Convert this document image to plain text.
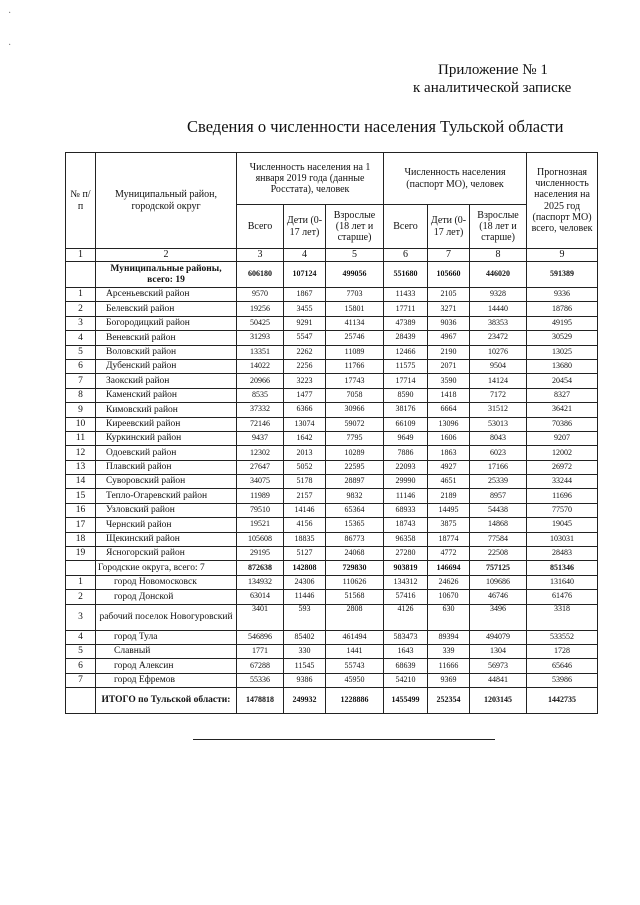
·
·
Приложение № 1
к аналитической записке
Сведения о численности населения Тульской области
№ п/п	Муниципальный район, городской округ	Численность населения на 1 января 2019 года (данные Росстата), человек			Численность населения (паспорт МО), человек			Прогнозная численность населения на 2025 год (паспорт МО) всего, человек
		Всего	Дети (0-17 лет)	Взрослые (18 лет и старше)	Всего	Дети (0-17 лет)	Взрослые (18 лет и старше)	
1	2	3	4	5	6	7	8	9
	Муниципальные районы, всего: 19	606180	107124	499056	551680	105660	446020	591389
1	Арсеньевский район	9570	1867	7703	11433	2105	9328	9336
2	Белевский район	19256	3455	15801	17711	3271	14440	18786
3	Богородицкий район	50425	9291	41134	47389	9036	38353	49195
4	Веневский район	31293	5547	25746	28439	4967	23472	30529
5	Воловский район	13351	2262	11089	12466	2190	10276	13025
6	Дубенский район	14022	2256	11766	11575	2071	9504	13680
7	Заокский район	20966	3223	17743	17714	3590	14124	20454
8	Каменский район	8535	1477	7058	8590	1418	7172	8327
9	Кимовский район	37332	6366	30966	38176	6664	31512	36421
10	Киреевский район	72146	13074	59072	66109	13096	53013	70386
11	Куркинский район	9437	1642	7795	9649	1606	8043	9207
12	Одоевский район	12302	2013	10289	7886	1863	6023	12002
13	Плавский район	27647	5052	22595	22093	4927	17166	26972
14	Суворовский район	34075	5178	28897	29990	4651	25339	33244
15	Тепло-Огаревский район	11989	2157	9832	11146	2189	8957	11696
16	Узловский район	79510	14146	65364	68933	14495	54438	77570
17	Чернский район	19521	4156	15365	18743	3875	14868	19045
18	Щекинский район	105608	18835	86773	96358	18774	77584	103031
19	Ясногорский район	29195	5127	24068	27280	4772	22508	28483
	Городские округа, всего: 7	872638	142808	729830	903819	146694	757125	851346
1	город Новомосковск	134932	24306	110626	134312	24626	109686	131640
2	город Донской	63014	11446	51568	57416	10670	46746	61476
3	рабочий поселок Новогуровский	3401	593	2808	4126	630	3496	3318
4	город Тула	546896	85402	461494	583473	89394	494079	533552
5	Славный	1771	330	1441	1643	339	1304	1728
6	город Алексин	67288	11545	55743	68639	11666	56973	65646
7	город Ефремов	55336	9386	45950	54210	9369	44841	53986
	ИТОГО по Тульской области:	1478818	249932	1228886	1455499	252354	1203145	1442735
